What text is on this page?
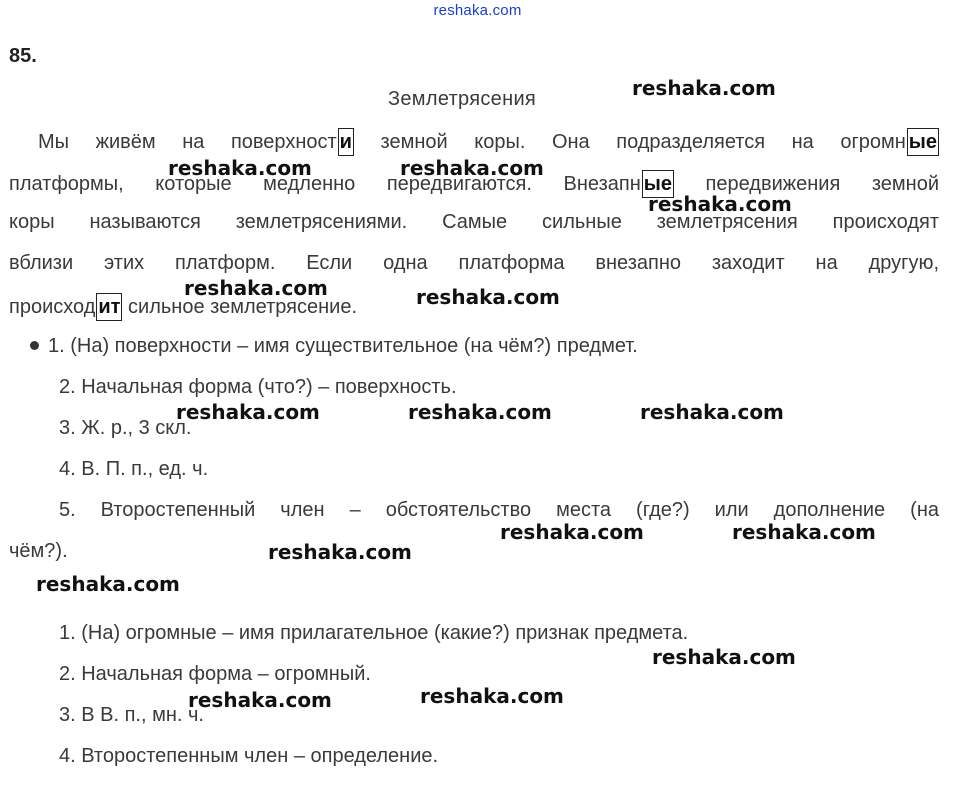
reshaka.com
85.
Землетрясения
Мы живём на поверхност и земной коры. Она подразделяется на огромн ые
платформы, которые медленно передвигаются. Внезапн ые передвижения земной
коры называются землетрясениями. Самые сильные землетрясения происходят
вблизи этих платформ. Если одна платформа внезапно заходит на другую,
происход ит сильное землетрясение.
1. (На) поверхности – имя существительное (на чём?) предмет.
2. Начальная форма (что?) – поверхность.
3. Ж. р., 3 скл.
4. В. П. п., ед. ч.
5. Второстепенный член – обстоятельство места (где?) или дополнение (на
чём?).
1. (На) огромные – имя прилагательное (какие?) признак предмета.
2. Начальная форма – огромный.
3. В В. п., мн. ч.
4. Второстепенным член – определение.
reshaka.com
reshaka.com	reshaka.com
reshaka.com
reshaka.com	reshaka.com
reshaka.com	reshaka.com	reshaka.com
reshaka.com	reshaka.com
reshaka.com
reshaka.com
reshaka.com
reshaka.com
reshaka.com
